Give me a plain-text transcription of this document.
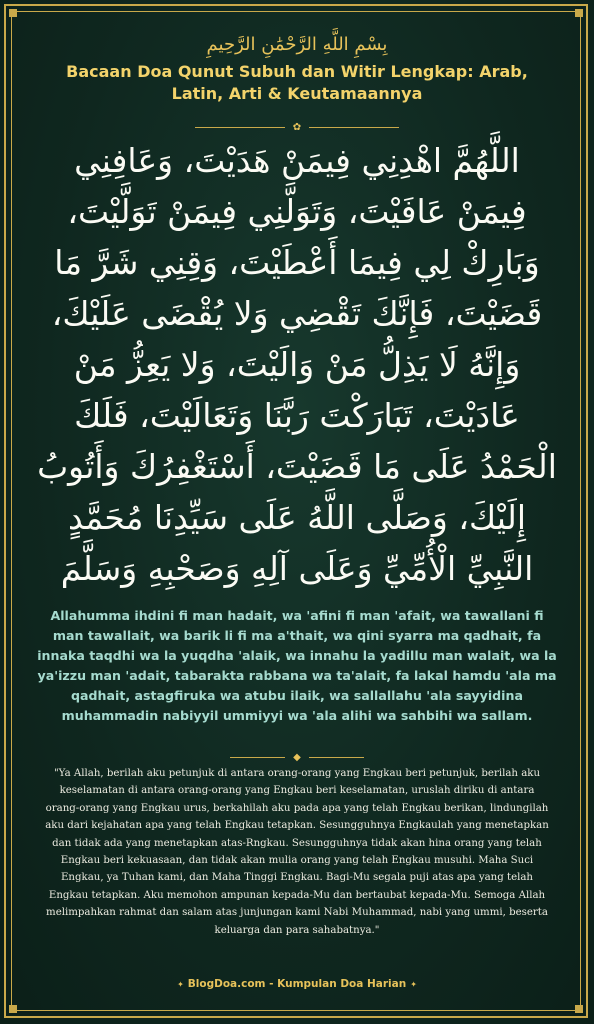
بِسْمِ اللَّهِ الرَّحْمَٰنِ الرَّحِيمِ
Bacaan Doa Qunut Subuh dan Witir Lengkap: Arab, Latin, Arti & Keutamaannya
✿
اللَّهُمَّ اهْدِنِي فِيمَنْ هَدَيْتَ، وَعَافِنِي فِيمَنْ عَافَيْتَ، وَتَوَلَّنِي فِيمَنْ تَوَلَّيْتَ، وَبَارِكْ لِي فِيمَا أَعْطَيْتَ، وَقِنِي شَرَّ مَا قَضَيْتَ، فَإِنَّكَ تَقْضِي وَلا يُقْضَى عَلَيْكَ، وَإِنَّهُ لَا يَذِلُّ مَنْ وَالَيْتَ، وَلا يَعِزُّ مَنْ عَادَيْتَ، تَبَارَكْتَ رَبَّنَا وَتَعَالَيْتَ، فَلَكَ الْحَمْدُ عَلَى مَا قَضَيْتَ، أَسْتَغْفِرُكَ وَأَتُوبُ إِلَيْكَ، وَصَلَّى اللَّهُ عَلَى سَيِّدِنَا مُحَمَّدٍ النَّبِيِّ الْأُمِّيِّ وَعَلَى آلِهِ وَصَحْبِهِ وَسَلَّمَ
Allahumma ihdini fi man hadait, wa 'afini fi man 'afait, wa tawallani fi man tawallait, wa barik li fi ma a'thait, wa qini syarra ma qadhait, fa innaka taqdhi wa la yuqdha 'alaik, wa innahu la yadillu man walait, wa la ya'izzu man 'adait, tabarakta rabbana wa ta'alait, fa lakal hamdu 'ala ma qadhait, astagfiruka wa atubu ilaik, wa sallallahu 'ala sayyidina muhammadin nabiyyil ummiyyi wa 'ala alihi wa sahbihi wa sallam.
◆
"Ya Allah, berilah aku petunjuk di antara orang-orang yang Engkau beri petunjuk, berilah aku keselamatan di antara orang-orang yang Engkau beri keselamatan, uruslah diriku di antara orang-orang yang Engkau urus, berkahilah aku pada apa yang telah Engkau berikan, lindungilah aku dari kejahatan apa yang telah Engkau tetapkan. Sesungguhnya Engkaulah yang menetapkan dan tidak ada yang menetapkan atas-Rngkau. Sesungguhnya tidak akan hina orang yang telah Engkau beri kekuasaan, dan tidak akan mulia orang yang telah Engkau musuhi. Maha Suci Engkau, ya Tuhan kami, dan Maha Tinggi Engkau. Bagi-Mu segala puji atas apa yang telah Engkau tetapkan. Aku memohon ampunan kepada-Mu dan bertaubat kepada-Mu. Semoga Allah melimpahkan rahmat dan salam atas junjungan kami Nabi Muhammad, nabi yang ummi, beserta keluarga dan para sahabatnya."
✦ BlogDoa.com - Kumpulan Doa Harian ✦
